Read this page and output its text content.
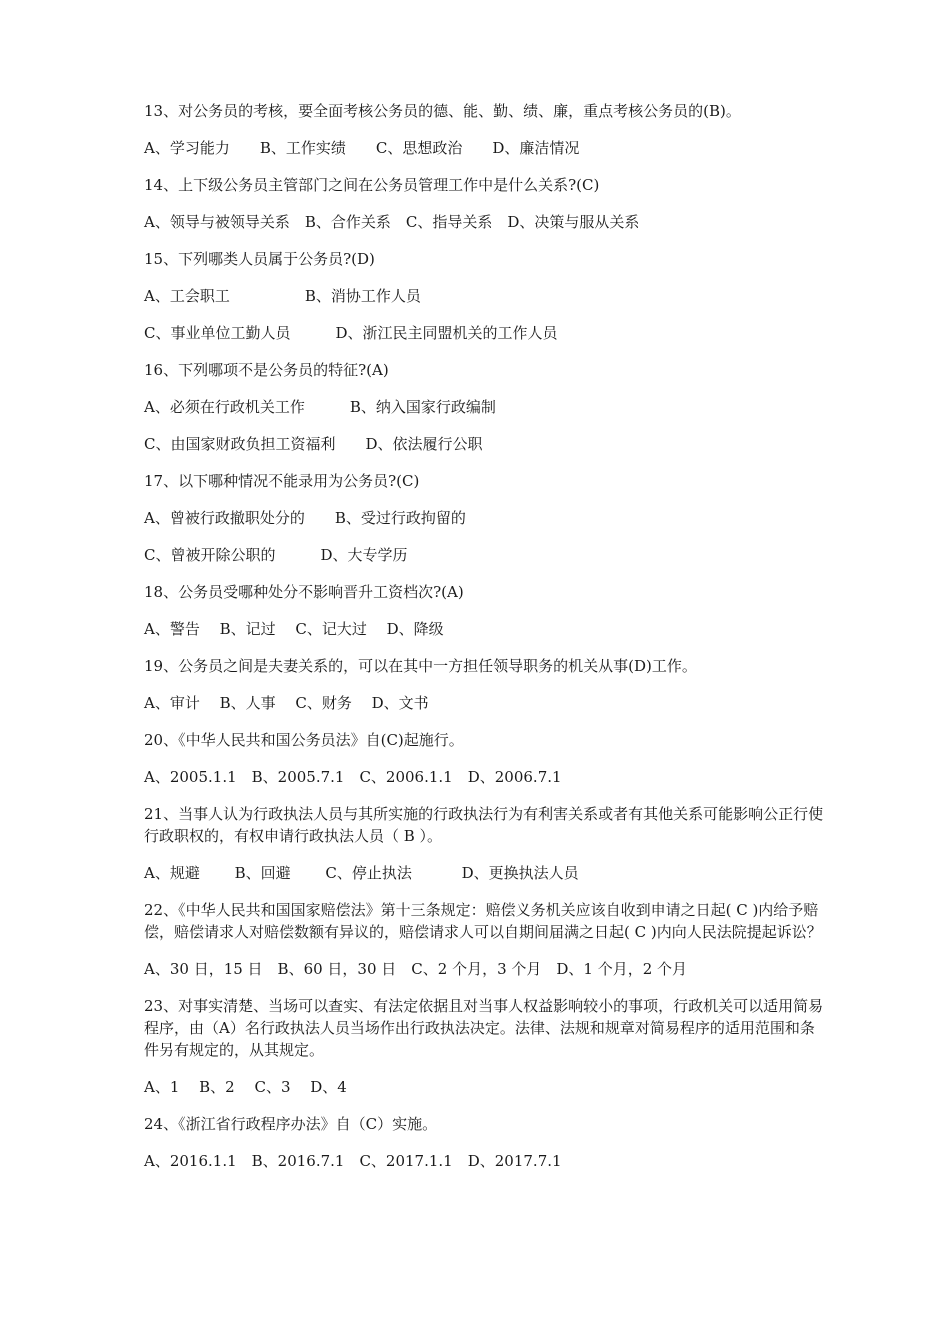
13、对公务员的考核，要全面考核公务员的德、能、勤、绩、廉，重点考核公务员的(B)。

A、学习能力　　B、工作实绩　　C、思想政治　　D、廉洁情况

14、上下级公务员主管部门之间在公务员管理工作中是什么关系?(C)

A、领导与被领导关系　B、合作关系　C、指导关系　D、决策与服从关系

15、下列哪类人员属于公务员?(D)

A、工会职工　　　　　B、消协工作人员

C、事业单位工勤人员　　　D、浙江民主同盟机关的工作人员

16、下列哪项不是公务员的特征?(A)

A、必须在行政机关工作　　　B、纳入国家行政编制

C、由国家财政负担工资福利　　D、依法履行公职

17、以下哪种情况不能录用为公务员?(C)

A、曾被行政撤职处分的　　B、受过行政拘留的

C、曾被开除公职的　　　D、大专学历

18、公务员受哪种处分不影响晋升工资档次?(A)

A、警告　 B、记过　 C、记大过　 D、降级

19、公务员之间是夫妻关系的，可以在其中一方担任领导职务的机关从事(D)工作。

A、审计　 B、人事　 C、财务　 D、文书

20、《中华人民共和国公务员法》自(C)起施行。

A、2005.1.1　B、2005.7.1　C、2006.1.1　D、2006.7.1

21、当事人认为行政执法人员与其所实施的行政执法行为有利害关系或者有其他关系可能影响公正行使行政职权的，有权申请行政执法人员（ B ）。

A、规避　　 B、回避　　 C、停止执法　　　 D、更换执法人员

22、《中华人民共和国国家赔偿法》第十三条规定：赔偿义务机关应该自收到申请之日起( C )内给予赔偿，赔偿请求人对赔偿数额有异议的，赔偿请求人可以自期间届满之日起( C )内向人民法院提起诉讼？

A、30 日，15 日　B、60 日，30 日　C、2 个月，3 个月　D、1 个月，2 个月

23、对事实清楚、当场可以查实、有法定依据且对当事人权益影响较小的事项，行政机关可以适用简易程序，由（A）名行政执法人员当场作出行政执法决定。法律、法规和规章对简易程序的适用范围和条件另有规定的，从其规定。

A、1　 B、2　 C、3　 D、4

24、《浙江省行政程序办法》自（C）实施。

A、2016.1.1　B、2016.7.1　C、2017.1.1　D、2017.7.1
